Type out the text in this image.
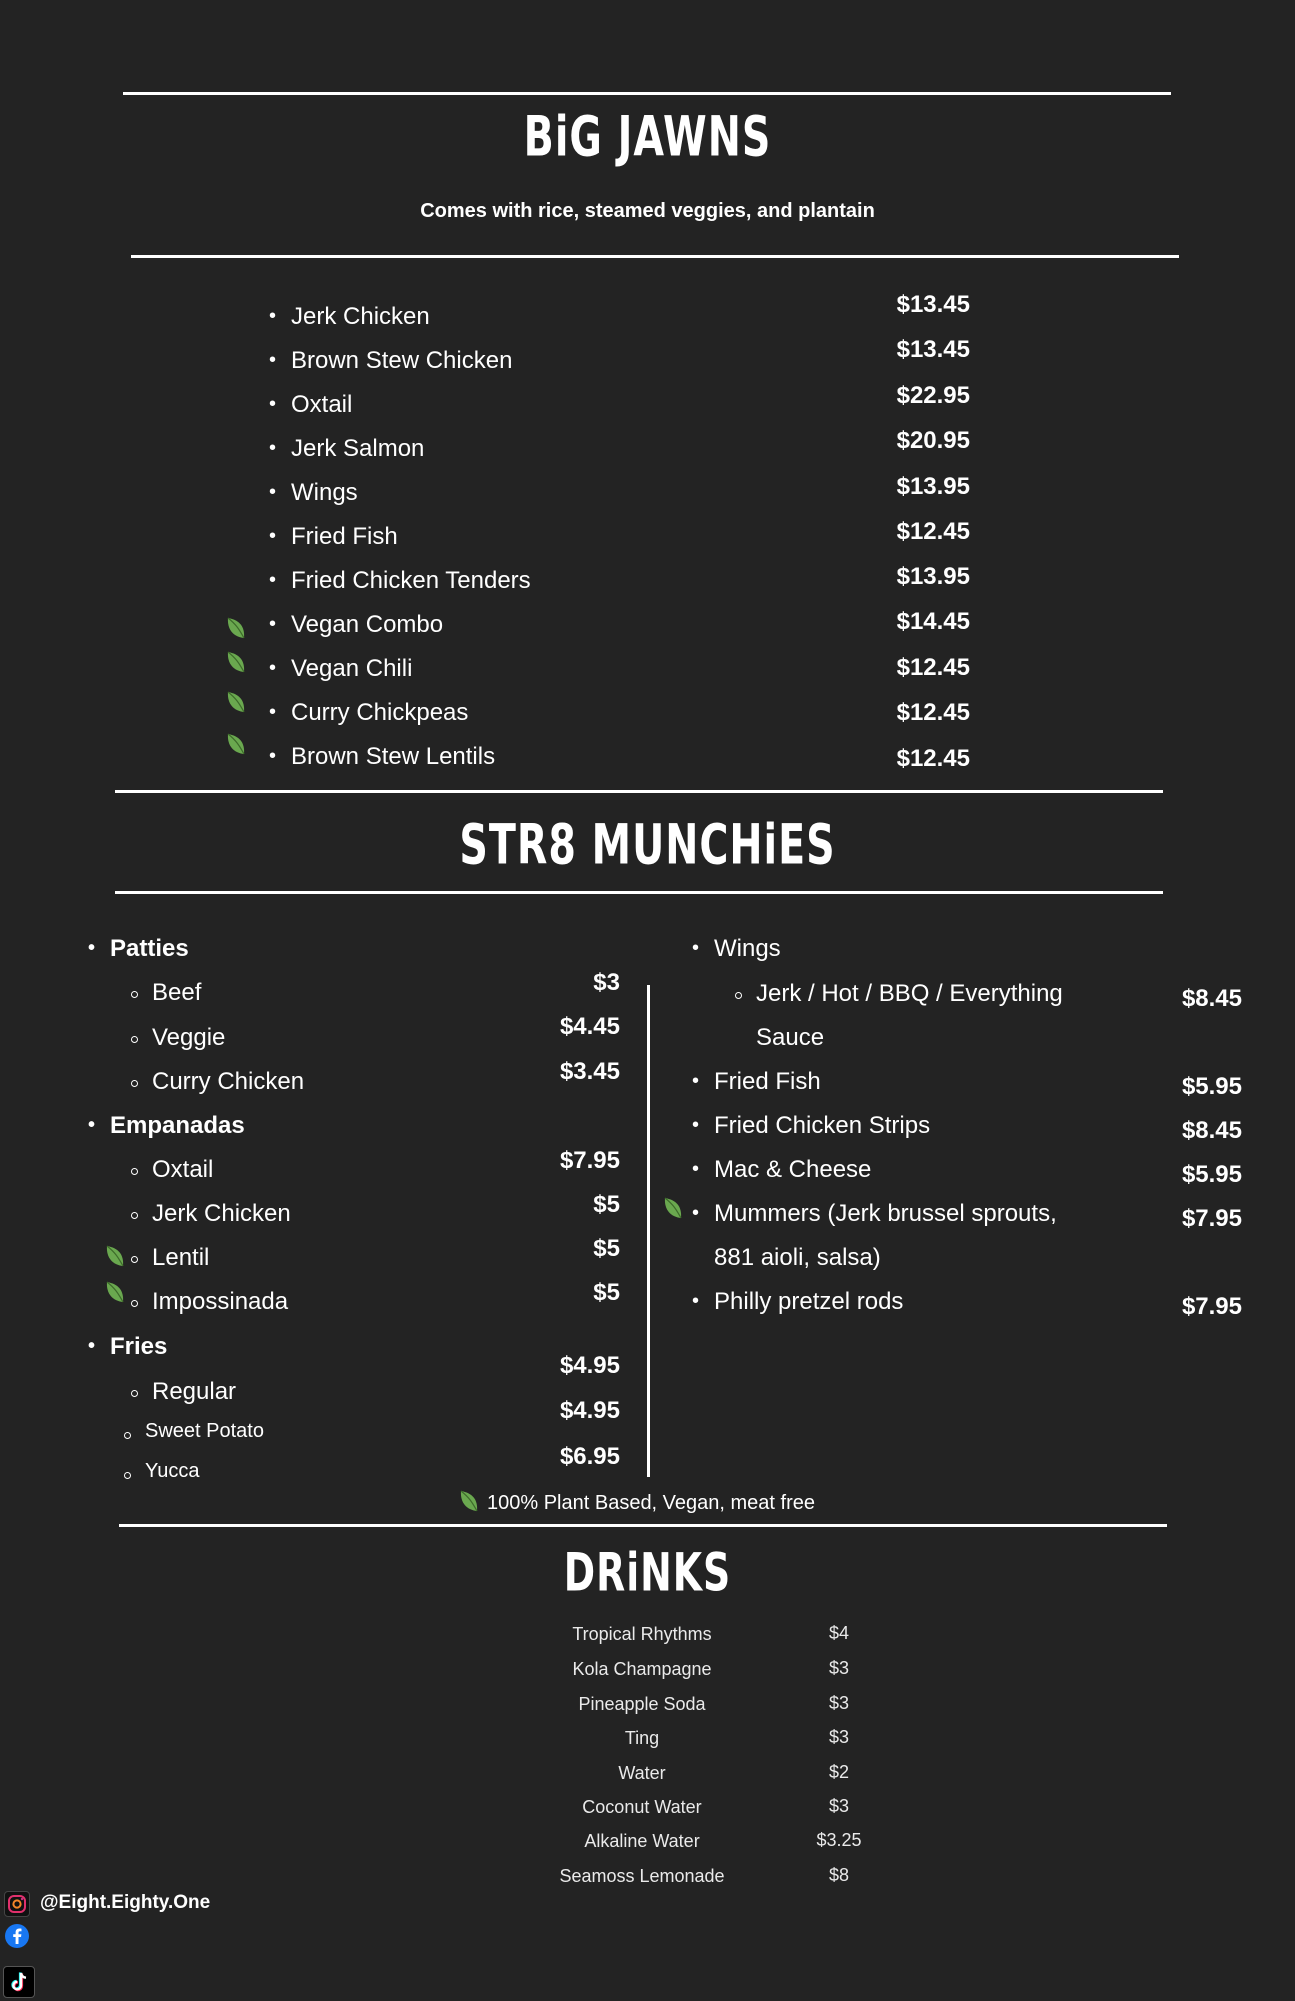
BiG JAWNS
Comes with rice, steamed veggies, and plantain
• Jerk Chicken	$13.45
• Brown Stew Chicken	$13.45
• Oxtail	$22.95
• Jerk Salmon	$20.95
• Wings	$13.95
• Fried Fish	$12.45
• Fried Chicken Tenders	$13.95
• Vegan Combo	$14.45
• Vegan Chili	$12.45
• Curry Chickpeas	$12.45
• Brown Stew Lentils	$12.45
STR8 MUNCHiES
• Patties
Beef	$3
Veggie	$4.45
Curry Chicken	$3.45
• Empanadas
Oxtail	$7.95
Jerk Chicken	$5
Lentil	$5
Impossinada	$5
• Fries
Regular
$4.95
Sweet Potato
$4.95
Yucca
$6.95
• Wings
Jerk / Hot / BBQ / Everything
Sauce
$8.45
• Fried Fish	$5.95
• Fried Chicken Strips	$8.45
• Mac & Cheese	$5.95
• Mummers (Jerk brussel sprouts,
881 aioli, salsa)
$7.95
• Philly pretzel rods	$7.95
100% Plant Based, Vegan, meat free
DRiNKS
Tropical Rhythms	$4
Kola Champagne	$3
Pineapple Soda	$3
Ting	$3
Water	$2
Coconut Water	$3
Alkaline Water	$3.25
Seamoss Lemonade	$8
@Eight.Eighty.One
